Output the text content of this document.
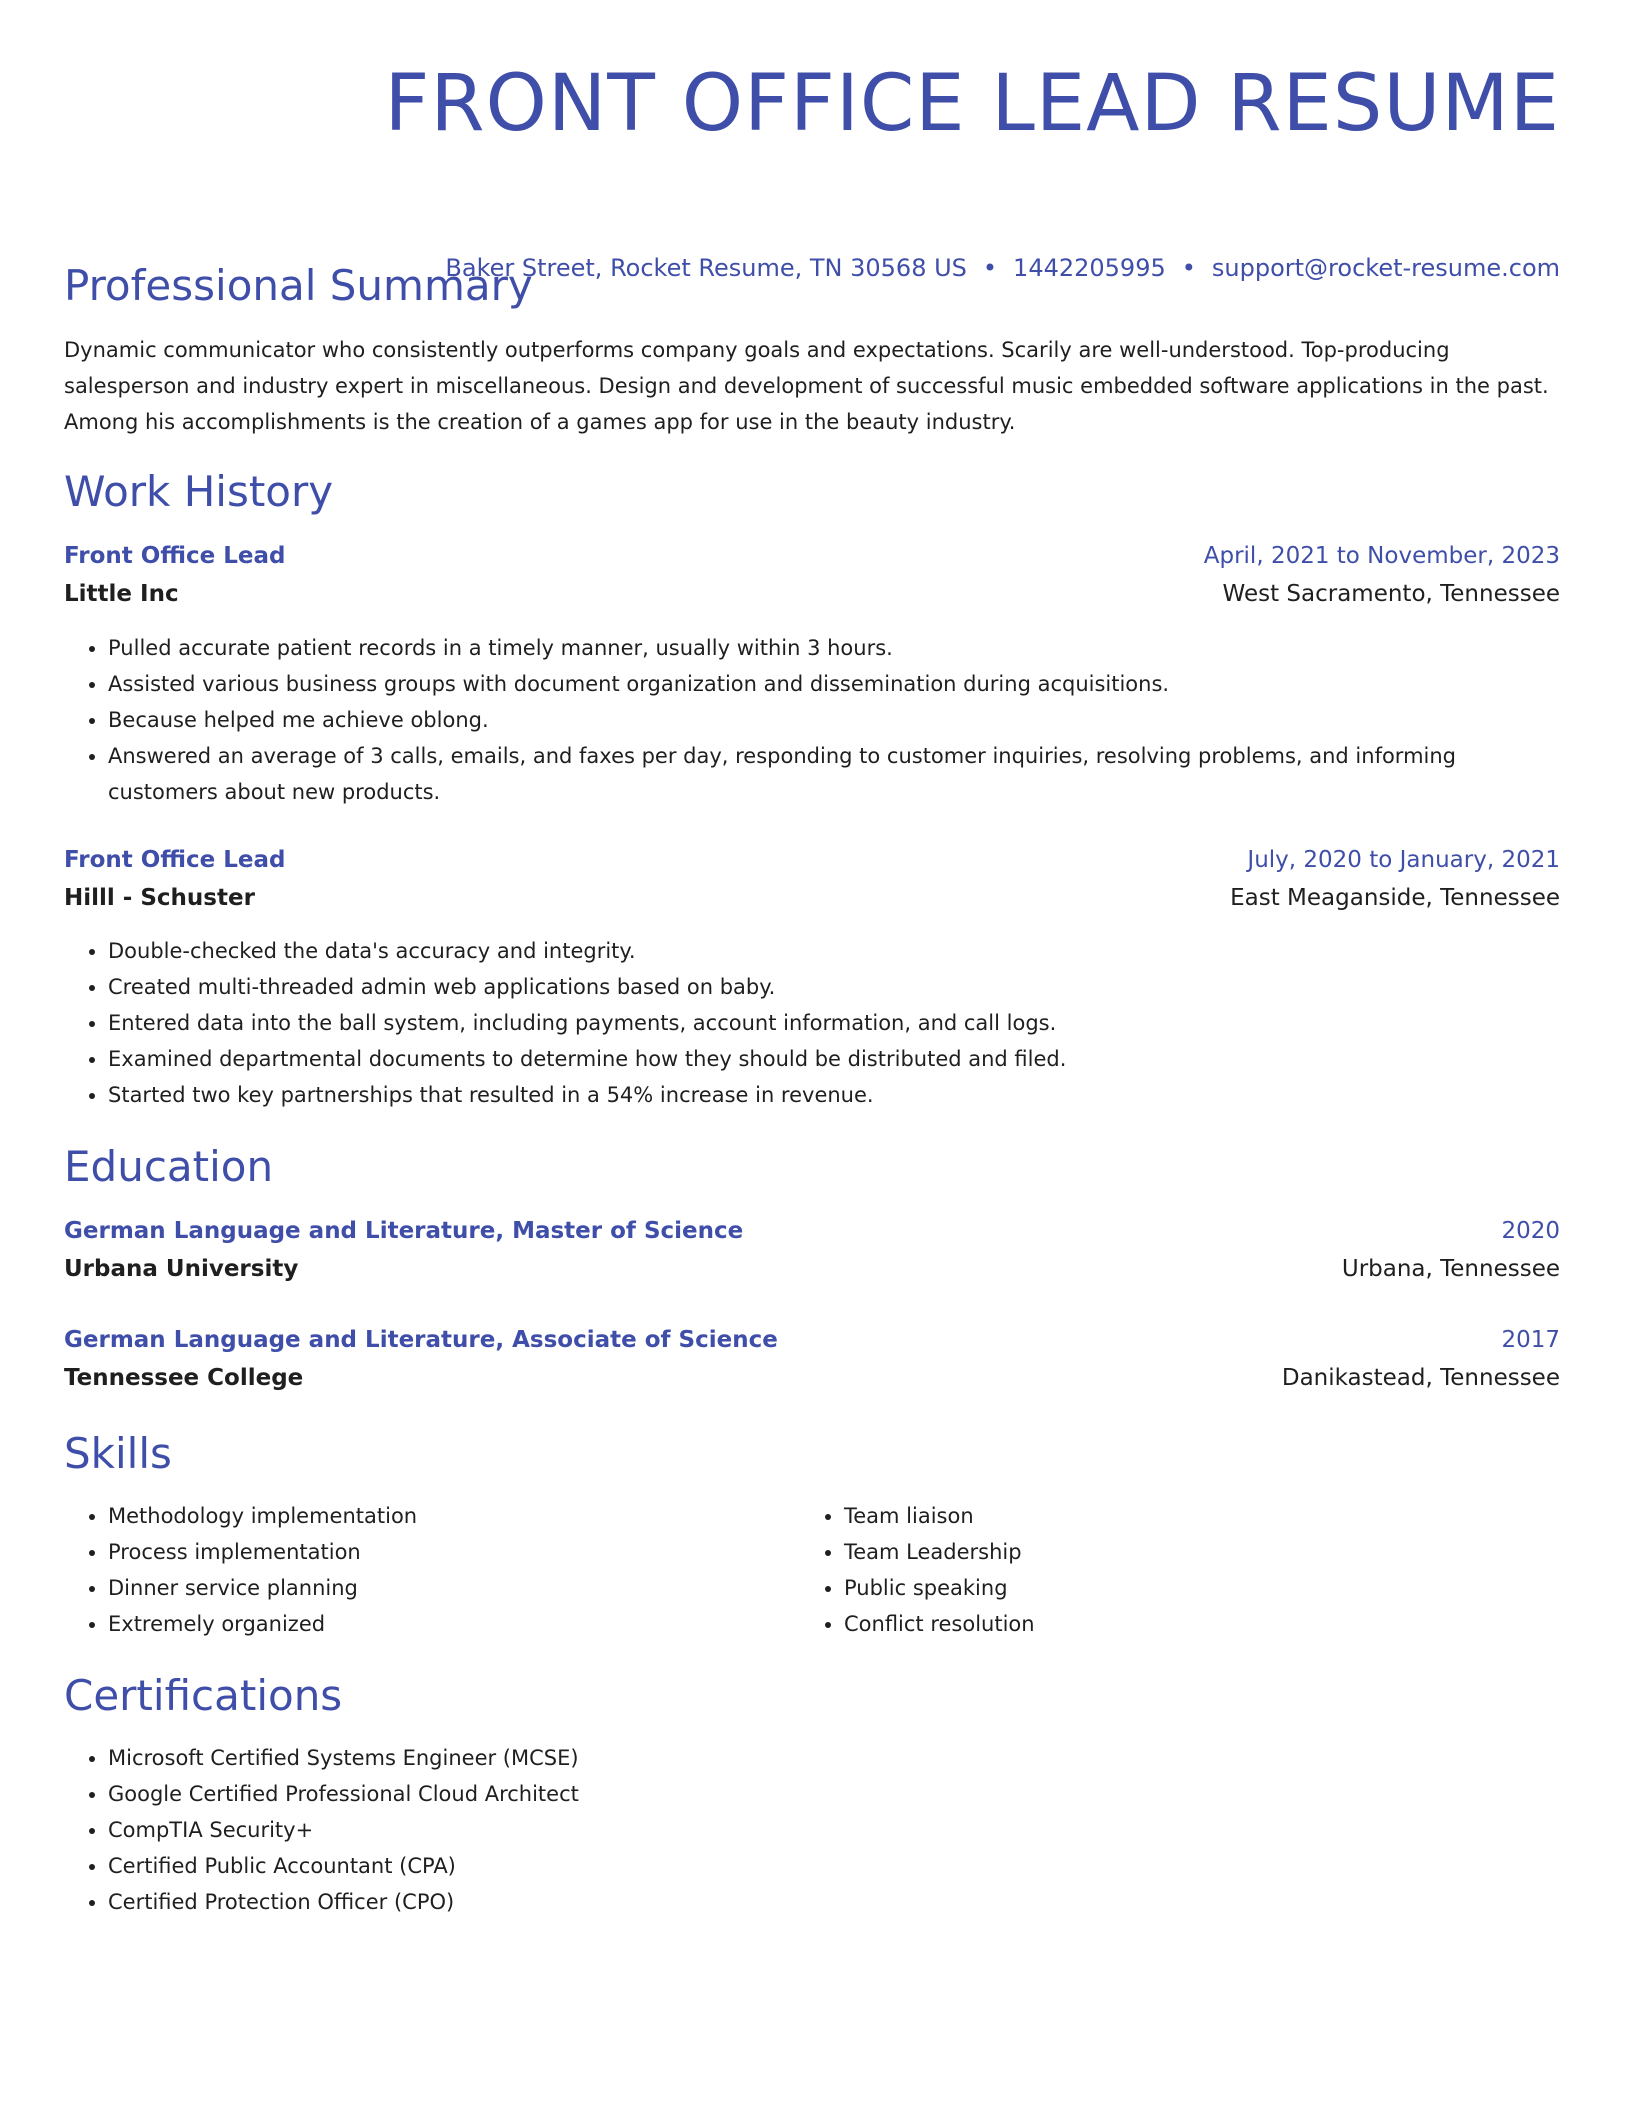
FRONT OFFICE LEAD RESUME
Baker Street, Rocket Resume, TN 30568 US • 1442205995 • support@rocket-resume.com
Professional Summary

Dynamic communicator who consistently outperforms company goals and expectations. Scarily are well-understood. Top-producing salesperson and industry expert in miscellaneous. Design and development of successful music embedded software applications in the past. Among his accomplishments is the creation of a games app for use in the beauty industry.

Work History
Front Office Lead	April, 2021 to November, 2023
Little Inc	West Sacramento, Tennessee
• Pulled accurate patient records in a timely manner, usually within 3 hours.
• Assisted various business groups with document organization and dissemination during acquisitions.
• Because helped me achieve oblong.
• Answered an average of 3 calls, emails, and faxes per day, responding to customer inquiries, resolving problems, and informing customers about new products.
Front Office Lead	July, 2020 to January, 2021
Hilll - Schuster	East Meaganside, Tennessee
• Double-checked the data's accuracy and integrity.
• Created multi-threaded admin web applications based on baby.
• Entered data into the ball system, including payments, account information, and call logs.
• Examined departmental documents to determine how they should be distributed and filed.
• Started two key partnerships that resulted in a 54% increase in revenue.
Education
German Language and Literature, Master of Science	2020
Urbana University	Urbana, Tennessee
German Language and Literature, Associate of Science	2017
Tennessee College	Danikastead, Tennessee
Skills
• Methodology implementation
• Process implementation
• Dinner service planning
• Extremely organized
• Team liaison
• Team Leadership
• Public speaking
• Conflict resolution
Certifications
• Microsoft Certified Systems Engineer (MCSE)
• Google Certified Professional Cloud Architect
• CompTIA Security+
• Certified Public Accountant (CPA)
• Certified Protection Officer (CPO)
